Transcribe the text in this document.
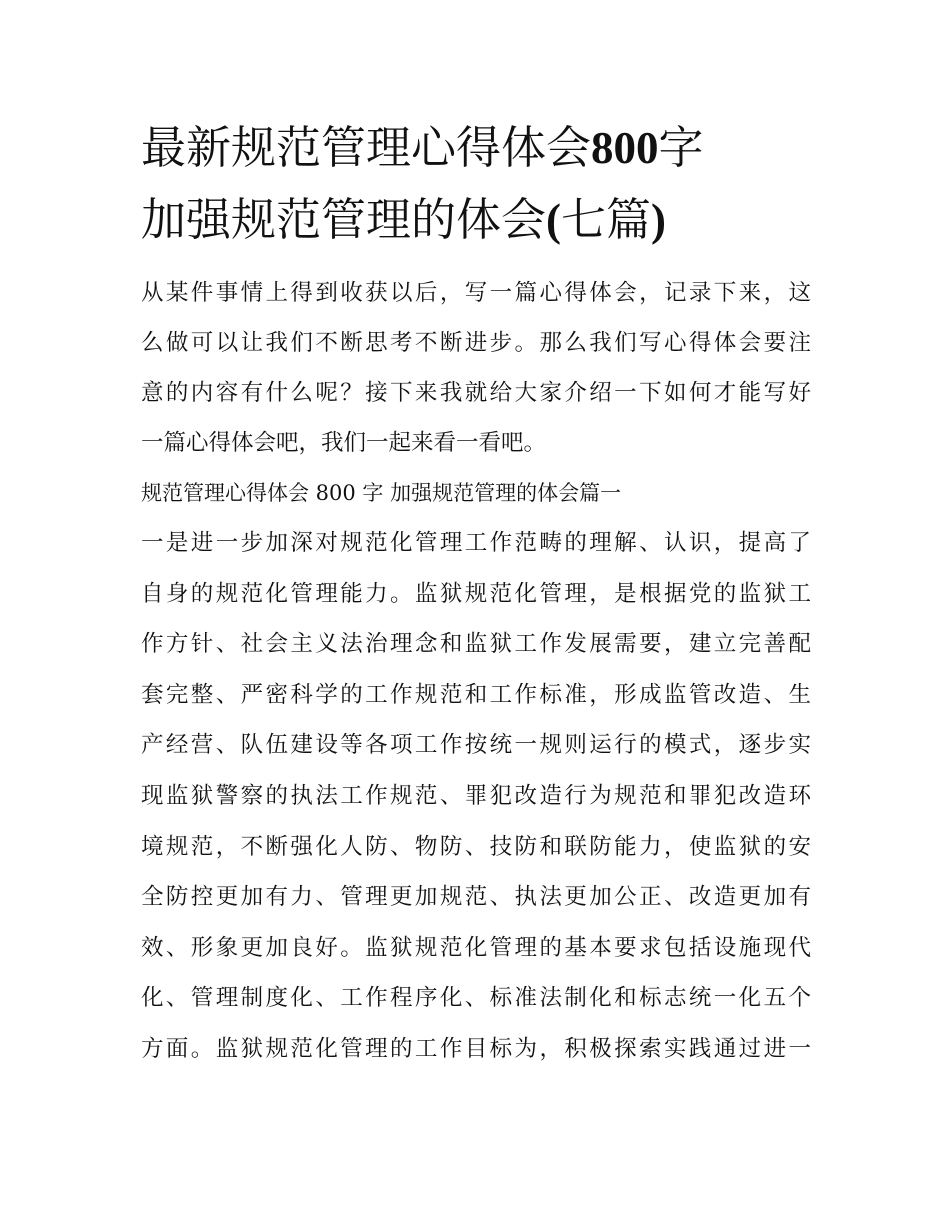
最新规范管理心得体会800字
加强规范管理的体会(七篇)
从某件事情上得到收获以后，写一篇心得体会，记录下来，这
么做可以让我们不断思考不断进步。那么我们写心得体会要注
意的内容有什么呢？接下来我就给大家介绍一下如何才能写好
一篇心得体会吧，我们一起来看一看吧。
规范管理心得体会 800 字 加强规范管理的体会篇一
一是进一步加深对规范化管理工作范畴的理解、认识，提高了
自身的规范化管理能力。监狱规范化管理，是根据党的监狱工
作方针、社会主义法治理念和监狱工作发展需要，建立完善配
套完整、严密科学的工作规范和工作标准，形成监管改造、生
产经营、队伍建设等各项工作按统一规则运行的模式，逐步实
现监狱警察的执法工作规范、罪犯改造行为规范和罪犯改造环
境规范，不断强化人防、物防、技防和联防能力，使监狱的安
全防控更加有力、管理更加规范、执法更加公正、改造更加有
效、形象更加良好。监狱规范化管理的基本要求包括设施现代
化、管理制度化、工作程序化、标准法制化和标志统一化五个
方面。监狱规范化管理的工作目标为，积极探索实践通过进一
